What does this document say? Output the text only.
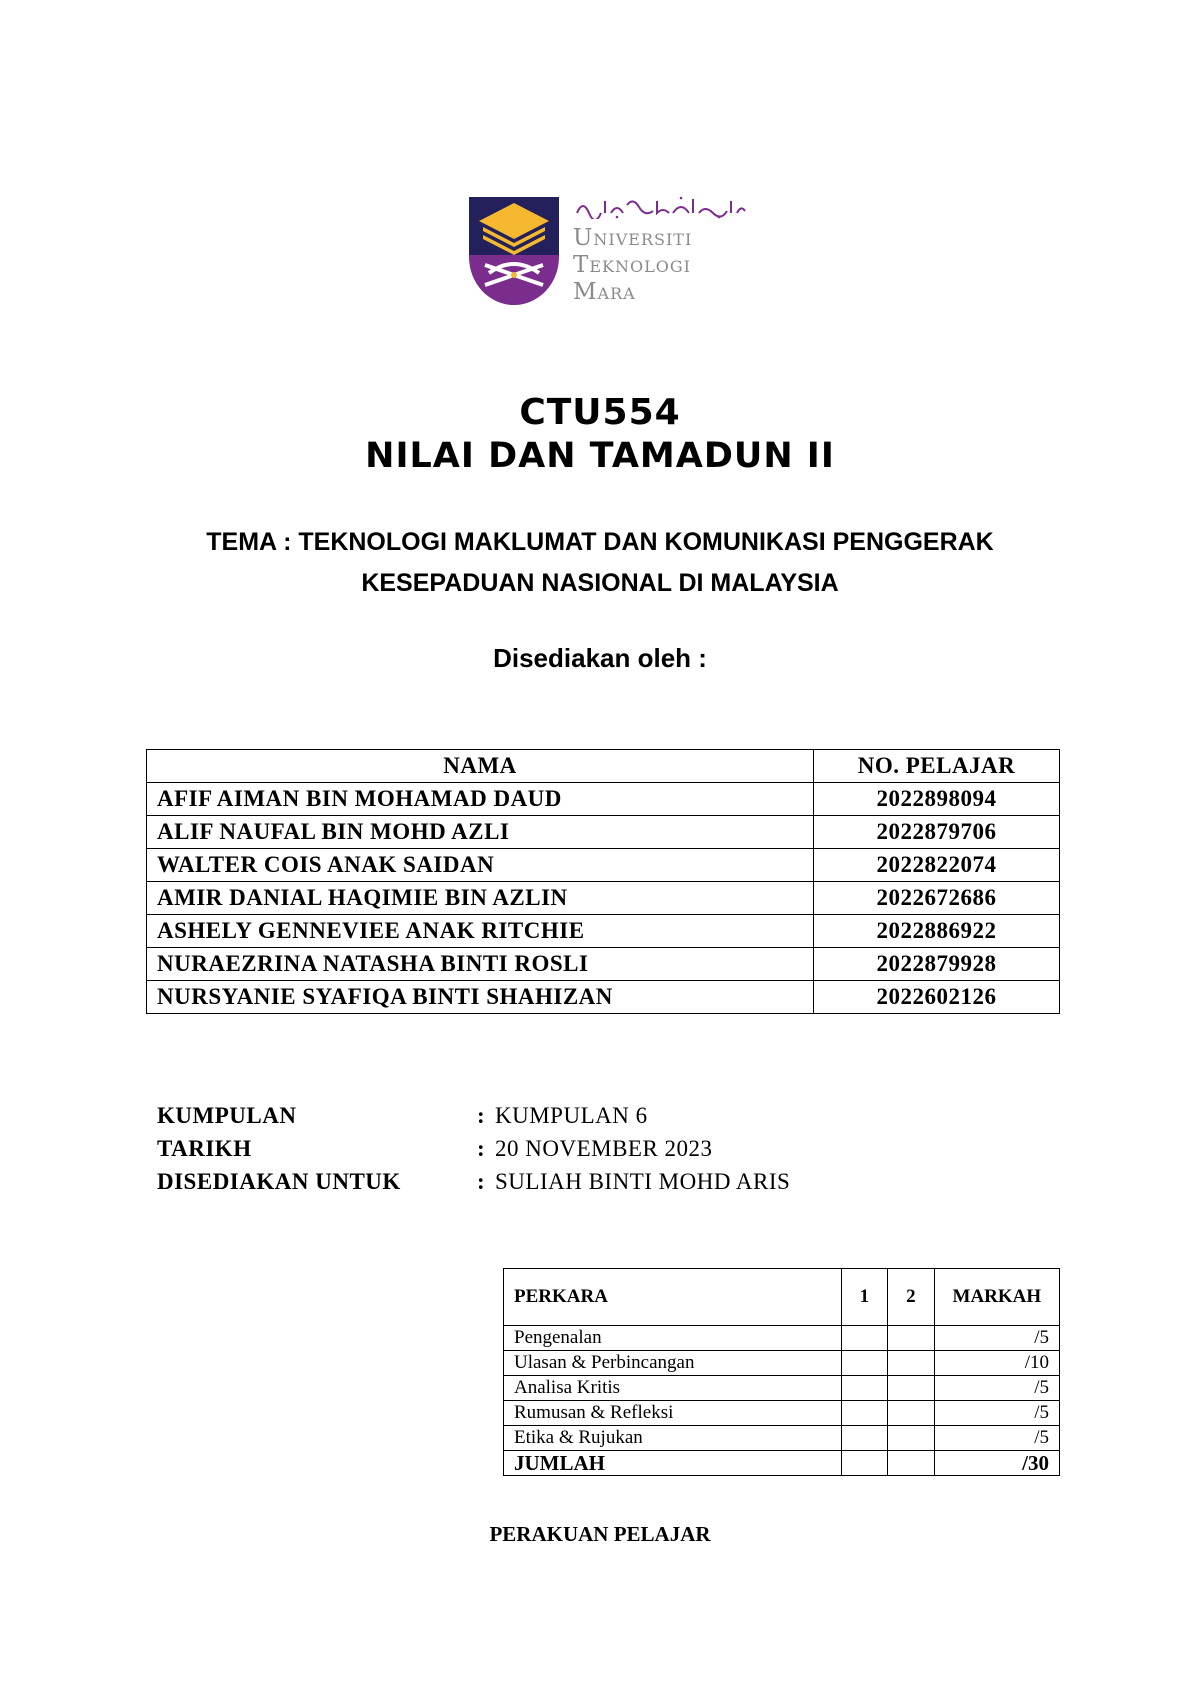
Universiti
Teknologi
Mara
CTU554
NILAI DAN TAMADUN II
TEMA : TEKNOLOGI MAKLUMAT DAN KOMUNIKASI PENGGERAK
KESEPADUAN NASIONAL DI MALAYSIA
Disediakan oleh :
NAMA	NO. PELAJAR
AFIF AIMAN BIN MOHAMAD DAUD	2022898094
ALIF NAUFAL BIN MOHD AZLI	2022879706
WALTER COIS ANAK SAIDAN	2022822074
AMIR DANIAL HAQIMIE BIN AZLIN	2022672686
ASHELY GENNEVIEE ANAK RITCHIE	2022886922
NURAEZRINA NATASHA BINTI ROSLI	2022879928
NURSYANIE SYAFIQA BINTI SHAHIZAN	2022602126
KUMPULAN	: KUMPULAN 6
TARIKH	: 20 NOVEMBER 2023
DISEDIAKAN UNTUK	: SULIAH BINTI MOHD ARIS
PERKARA	1	2	MARKAH
Pengenalan			/5
Ulasan & Perbincangan			/10
Analisa Kritis			/5
Rumusan & Refleksi			/5
Etika & Rujukan			/5
JUMLAH			/30
PERAKUAN PELAJAR
